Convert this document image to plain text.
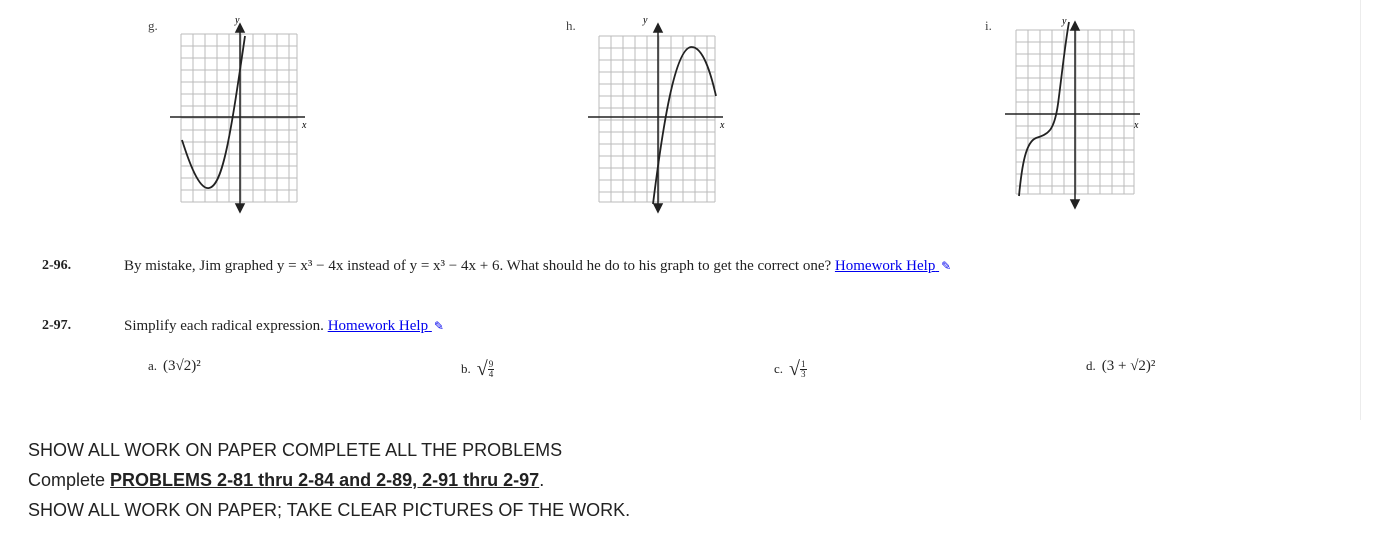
g.	y
x
h.	y
x
i.	y
x
2-96.	By mistake, Jim graphed y = x³ − 4x instead of y = x³ − 4x + 6. What should he do to his graph to get the correct one? Homework Help ✎
2-97.	Simplify each radical expression. Homework Help ✎
a. (3√2)²	b. √ $\frac{9}{4}$	c. √ $\frac{1}{3}$	d. (3 + √2)²
SHOW ALL WORK ON PAPER COMPLETE ALL THE PROBLEMS
Complete PROBLEMS 2-81 thru 2-84 and 2-89, 2-91 thru 2-97.
SHOW ALL WORK ON PAPER; TAKE CLEAR PICTURES OF THE WORK.
